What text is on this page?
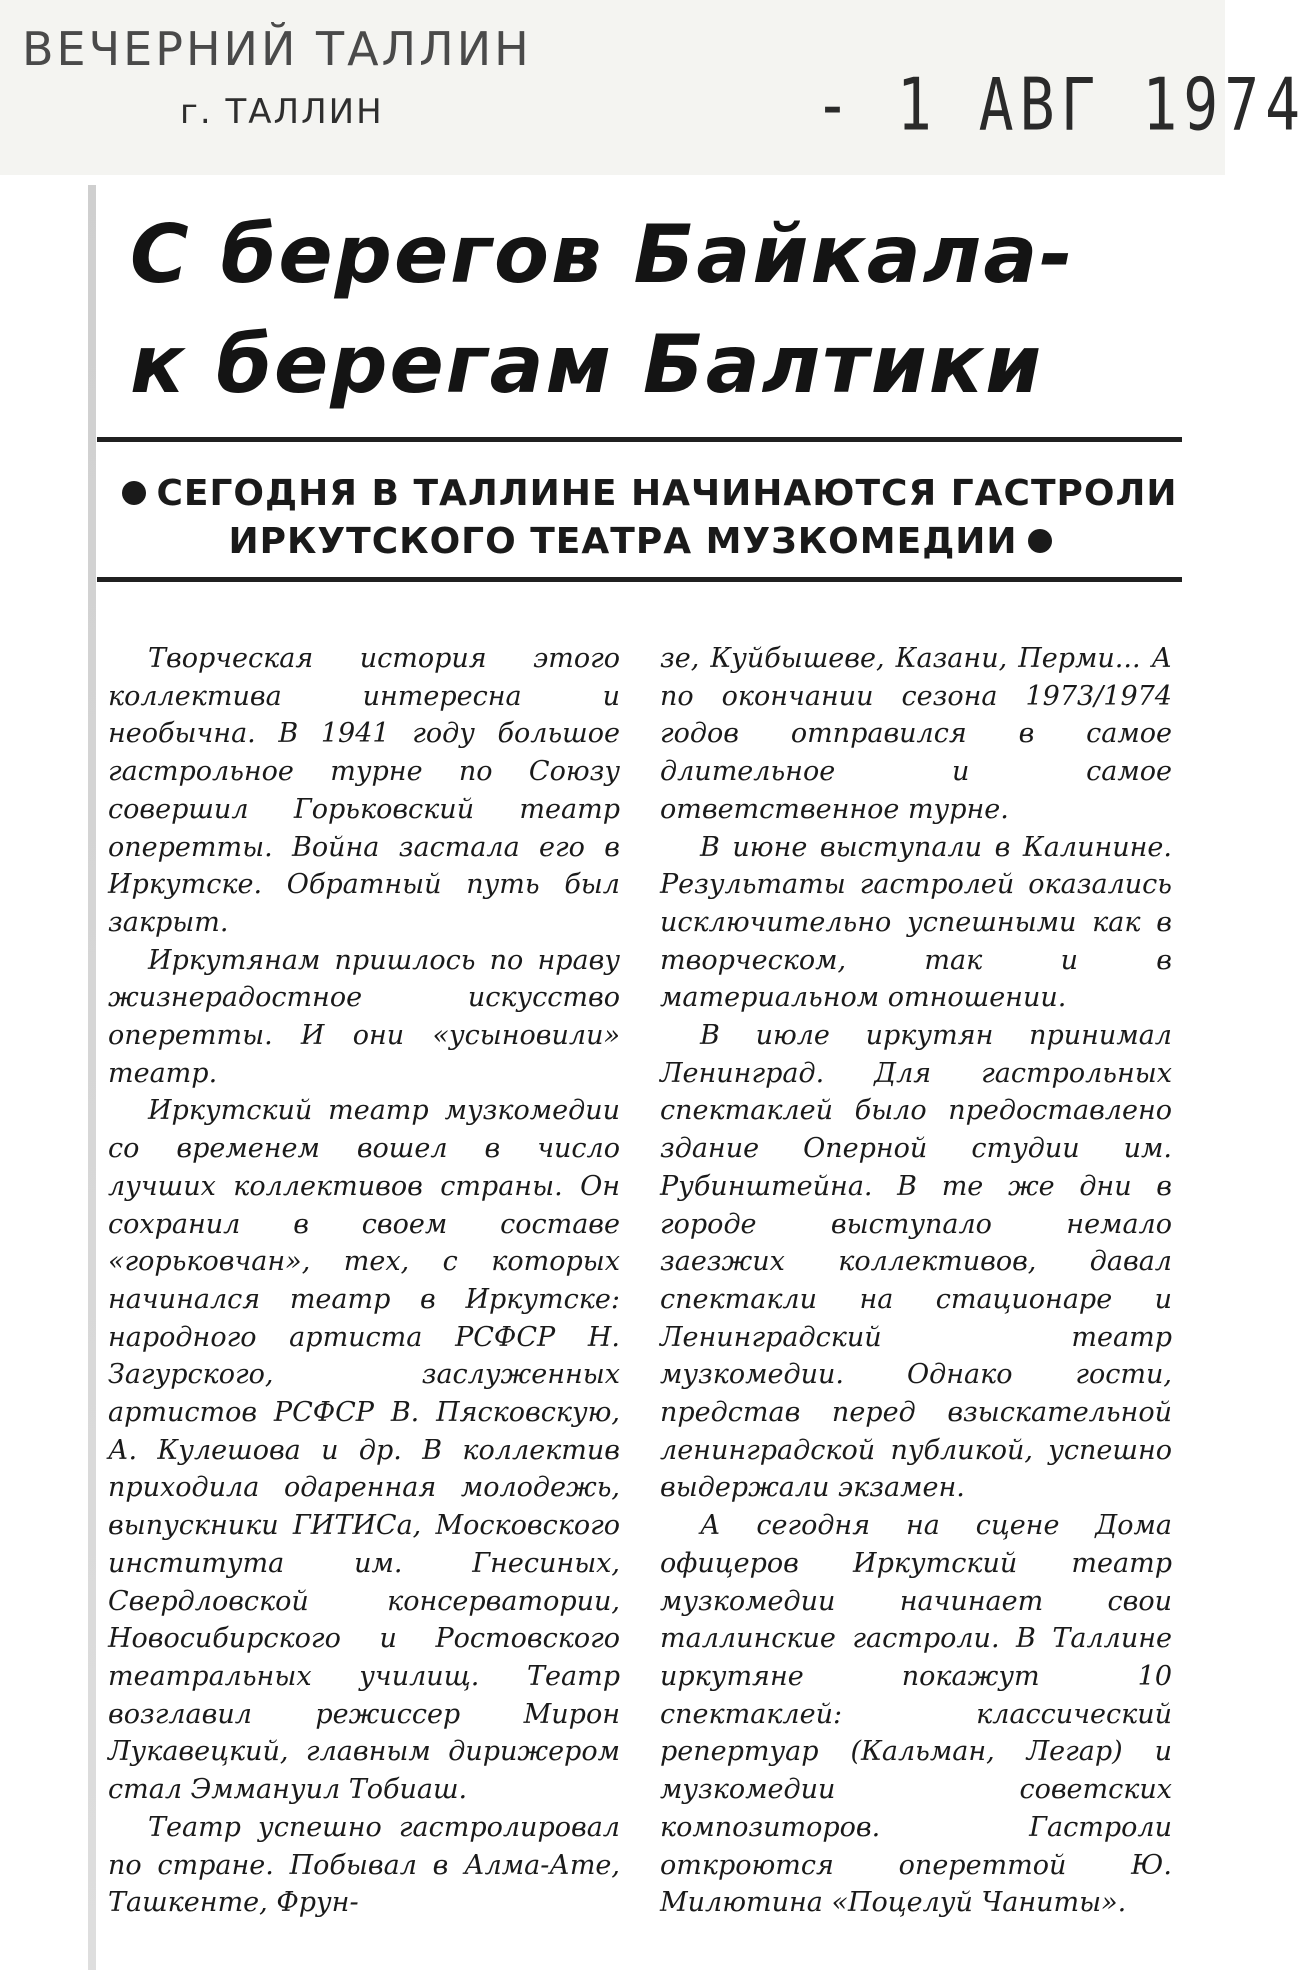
ВЕЧЕРНИЙ ТАЛЛИН
г. ТАЛЛИН	- 1 АВГ 1974
С берегов Байкала-
к берегам Балтики
СЕГОДНЯ В ТАЛЛИНЕ НАЧИНАЮТСЯ ГАСТРОЛИ
ИРКУТСКОГО ТЕАТРА МУЗКОМЕДИИ

Творческая история этого коллектива интересна и необычна. В 1941 году большое гастрольное турне по Союзу совершил Горьковский театр оперетты. Война застала его в Иркутске. Обратный путь был закрыт.

Иркутянам пришлось по нраву жизнерадостное искусство оперетты. И они «усыновили» театр.

Иркутский театр музкомедии со временем вошел в число лучших коллективов страны. Он сохранил в своем составе «горьковчан», тех, с которых начинался театр в Иркутске: народного артиста РСФСР Н. Загурского, заслуженных артистов РСФСР В. Пясковскую, А. Кулешова и др. В коллектив приходила одаренная молодежь, выпускники ГИТИСа, Московского института им. Гнесиных, Свердловской консерватории, Новосибирского и Ростовского театральных училищ. Театр возглавил режиссер Мирон Лукавецкий, главным дирижером стал Эммануил Тобиаш.

Театр успешно гастролировал по стране. Побывал в Алма-Ате, Ташкенте, Фрун-

зе, Куйбышеве, Казани, Перми... А по окончании сезона 1973/1974 годов отправился в самое длительное и самое ответственное турне.

В июне выступали в Калинине. Результаты гастролей оказались исключительно успешными как в творческом, так и в материальном отношении.

В июле иркутян принимал Ленинград. Для гастрольных спектаклей было предоставлено здание Оперной студии им. Рубинштейна. В те же дни в городе выступало немало заезжих коллективов, давал спектакли на стационаре и Ленинградский театр музкомедии. Однако гости, представ перед взыскательной ленинградской публикой, успешно выдержали экзамен.

А сегодня на сцене Дома офицеров Иркутский театр музкомедии начинает свои таллинские гастроли. В Таллине иркутяне покажут 10 спектаклей: классический репертуар (Кальман, Легар) и музкомедии советских композиторов. Гастроли откроются опереттой Ю. Милютина «Поцелуй Чаниты».
